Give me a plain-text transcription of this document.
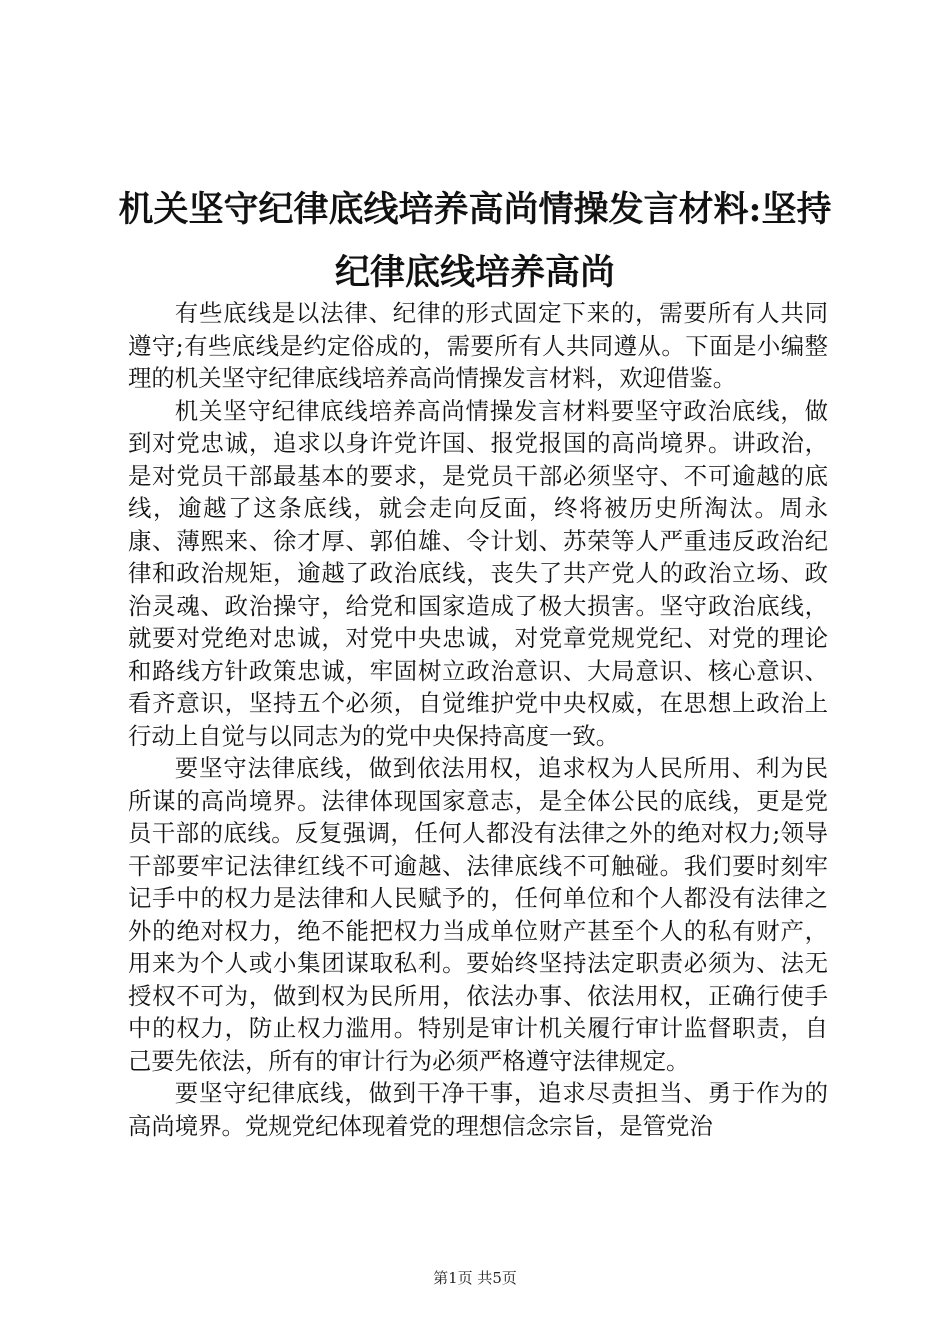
机关坚守纪律底线培养高尚情操发言材料:坚持纪律底线培养高尚

有些底线是以法律、纪律的形式固定下来的，需要所有人共同遵守;有些底线是约定俗成的，需要所有人共同遵从。下面是小编整理的机关坚守纪律底线培养高尚情操发言材料，欢迎借鉴。

机关坚守纪律底线培养高尚情操发言材料要坚守政治底线，做到对党忠诚，追求以身许党许国、报党报国的高尚境界。讲政治，是对党员干部最基本的要求，是党员干部必须坚守、不可逾越的底线，逾越了这条底线，就会走向反面，终将被历史所淘汰。周永康、薄熙来、徐才厚、郭伯雄、令计划、苏荣等人严重违反政治纪律和政治规矩，逾越了政治底线，丧失了共产党人的政治立场、政治灵魂、政治操守，给党和国家造成了极大损害。坚守政治底线，就要对党绝对忠诚，对党中央忠诚，对党章党规党纪、对党的理论和路线方针政策忠诚，牢固树立政治意识、大局意识、核心意识、看齐意识，坚持五个必须，自觉维护党中央权威，在思想上政治上行动上自觉与以同志为的党中央保持高度一致。

要坚守法律底线，做到依法用权，追求权为人民所用、利为民所谋的高尚境界。法律体现国家意志，是全体公民的底线，更是党员干部的底线。反复强调，任何人都没有法律之外的绝对权力;领导干部要牢记法律红线不可逾越、法律底线不可触碰。我们要时刻牢记手中的权力是法律和人民赋予的，任何单位和个人都没有法律之外的绝对权力，绝不能把权力当成单位财产甚至个人的私有财产，用来为个人或小集团谋取私利。要始终坚持法定职责必须为、法无授权不可为，做到权为民所用，依法办事、依法用权，正确行使手中的权力，防止权力滥用。特别是审计机关履行审计监督职责，自己要先依法，所有的审计行为必须严格遵守法律规定。

要坚守纪律底线，做到干净干事，追求尽责担当、勇于作为的高尚境界。党规党纪体现着党的理想信念宗旨，是管党治

第1页 共5页
